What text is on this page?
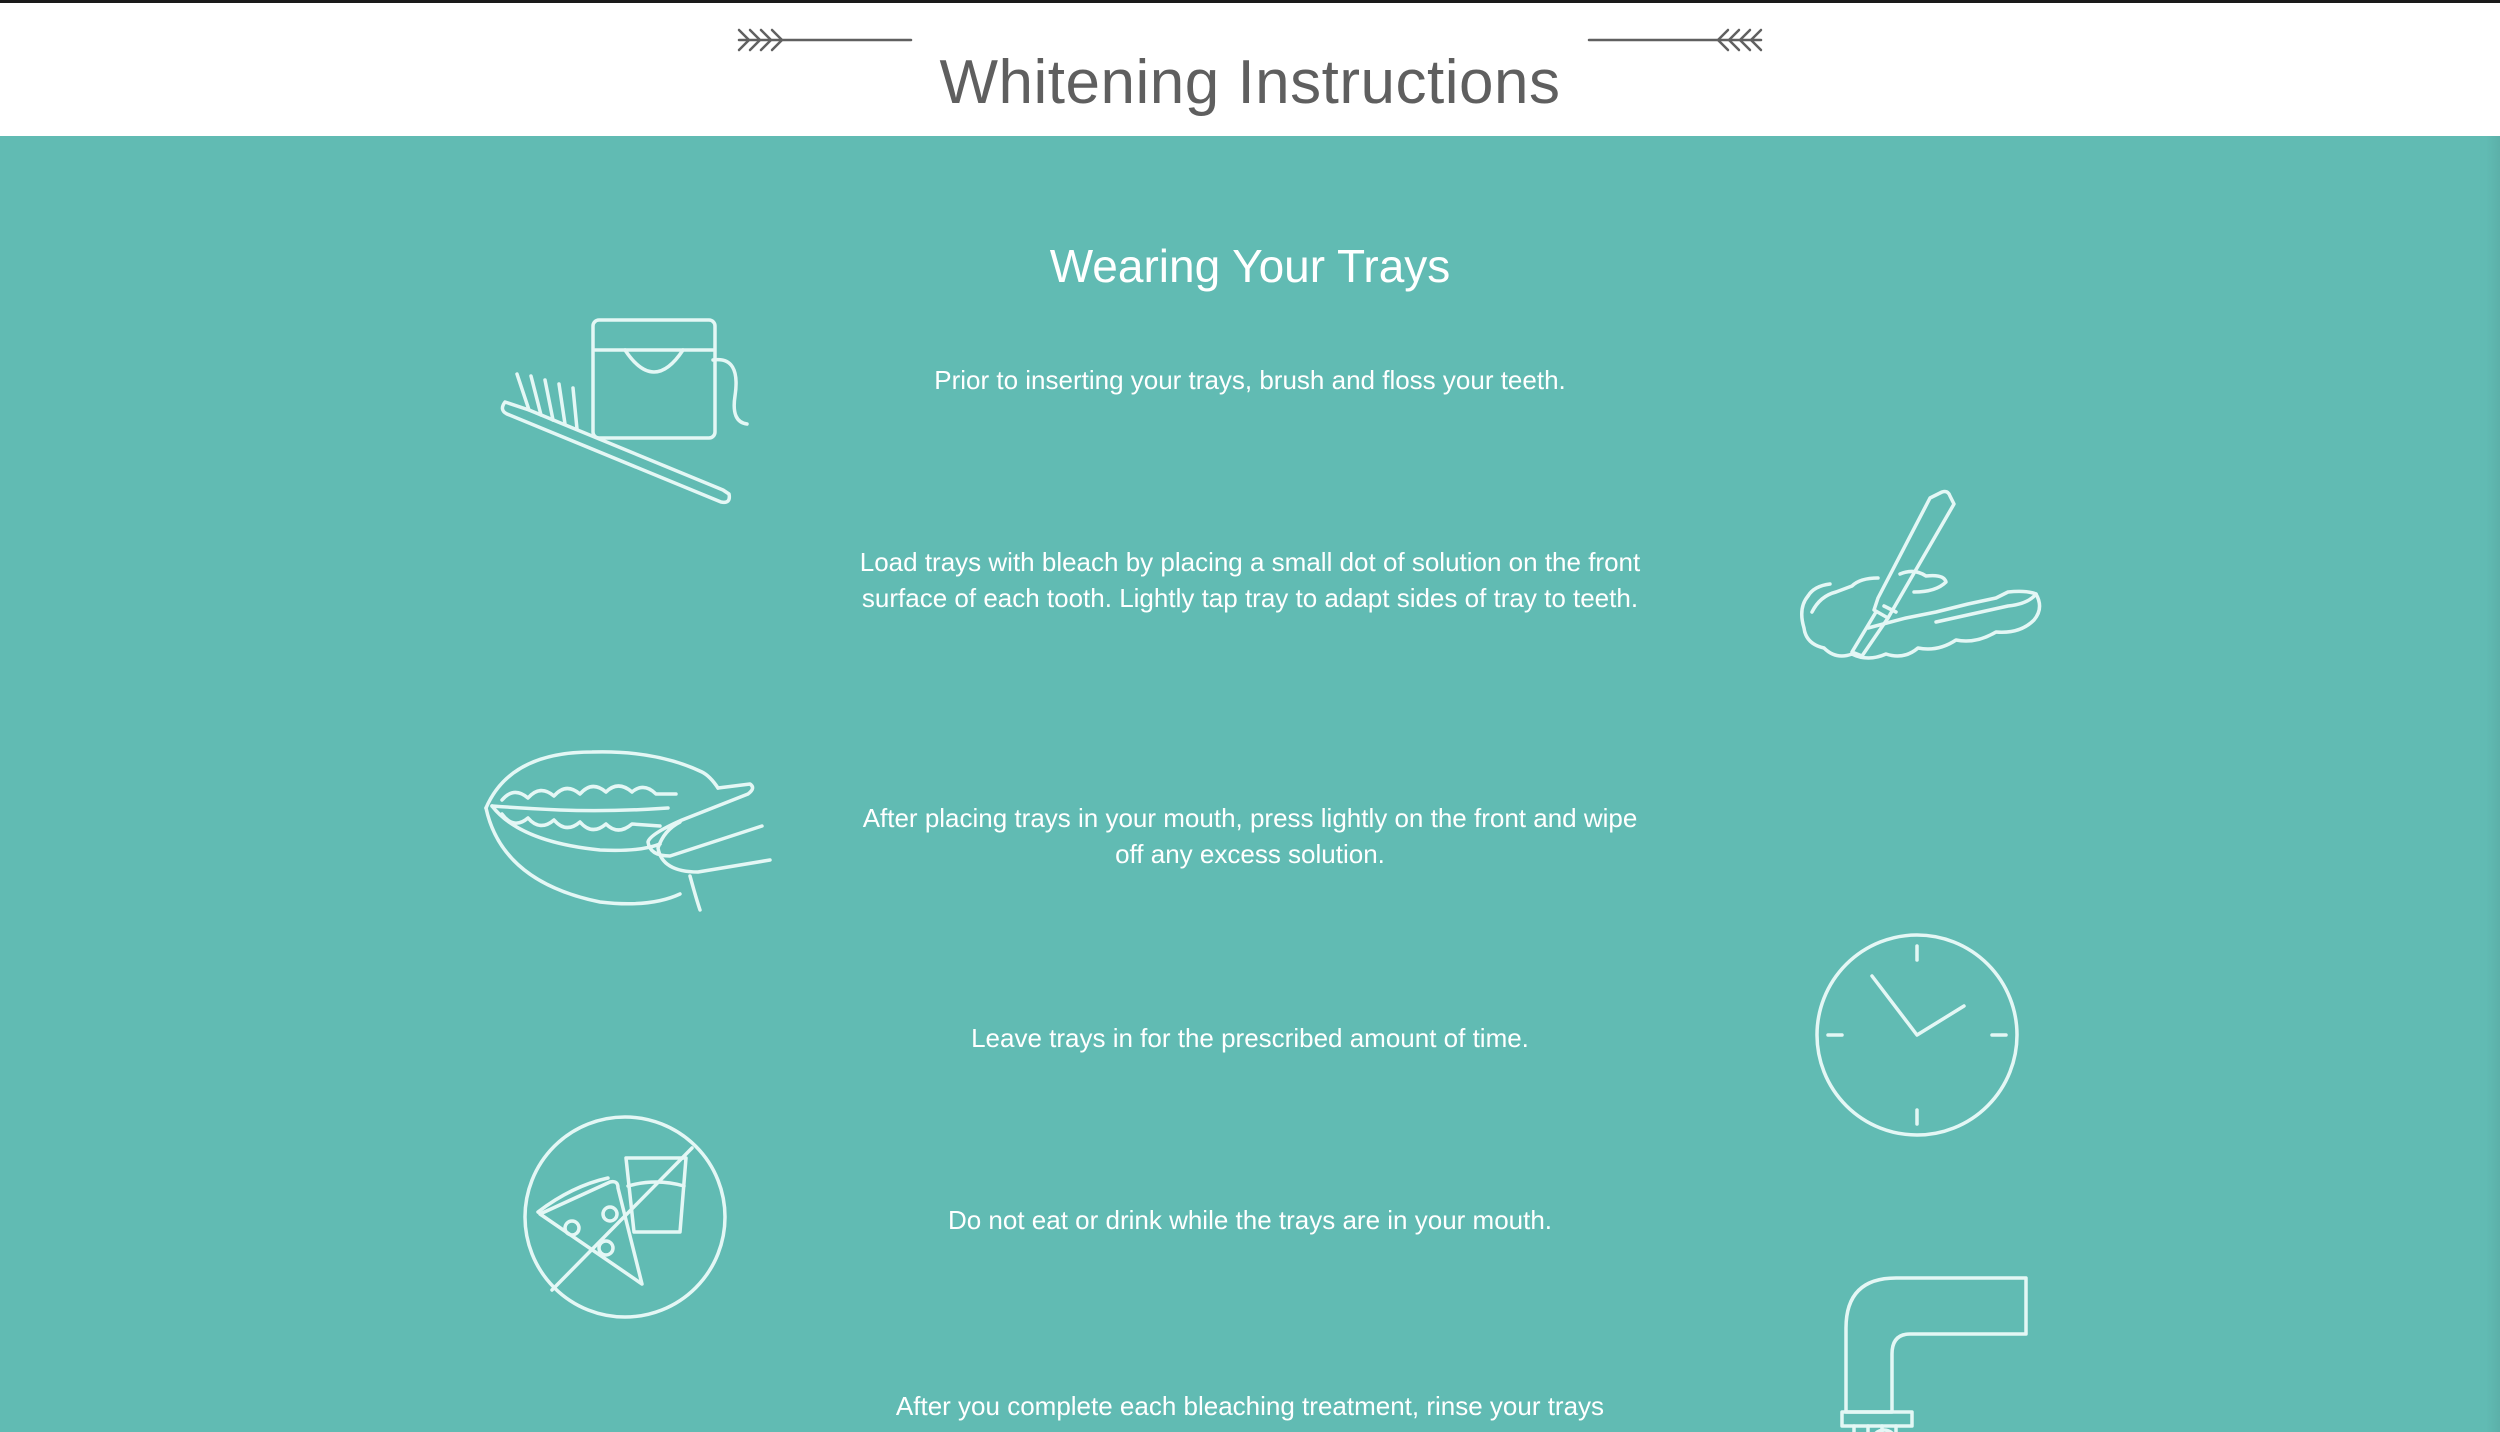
Whitening Instructions
Wearing Your Trays
Prior to inserting your trays, brush and floss your teeth.
Load trays with bleach by placing a small dot of solution on the front surface of each tooth. Lightly tap tray to adapt sides of tray to teeth.
After placing trays in your mouth, press lightly on the front and wipe off any excess solution.
Leave trays in for the prescribed amount of time.
Do not eat or drink while the trays are in your mouth.
After you complete each bleaching treatment, rinse your trays
